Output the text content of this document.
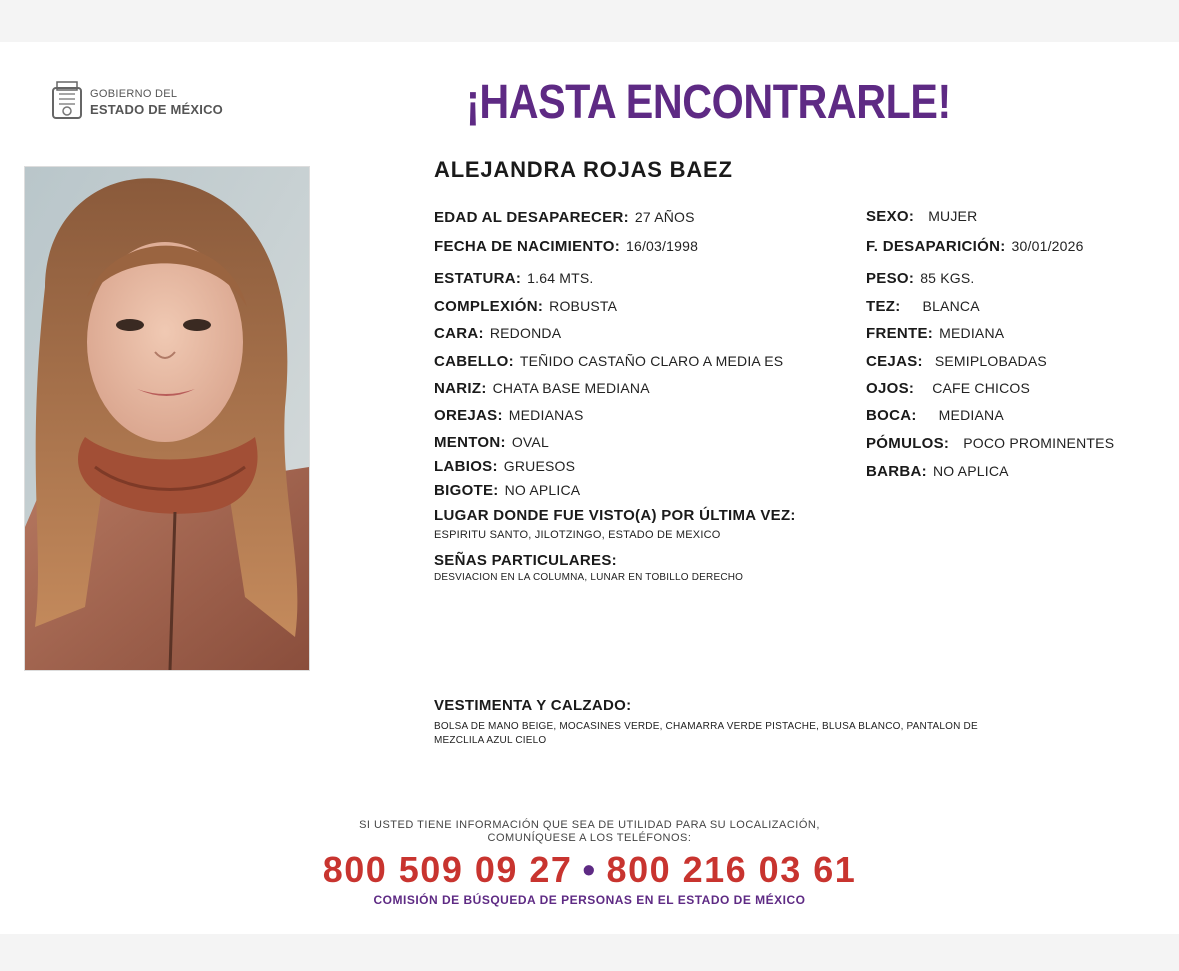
GOBIERNO DEL
ESTADO DE MÉXICO	¡HASTA ENCONTRARLE!
ALEJANDRA ROJAS BAEZ
EDAD AL DESAPARECER: 27 AÑOS
FECHA DE NACIMIENTO: 16/03/1998
ESTATURA: 1.64 MTS.
COMPLEXIÓN: ROBUSTA
CARA: REDONDA
CABELLO: TEÑIDO CASTAÑO CLARO A MEDIA ES
NARIZ: CHATA BASE MEDIANA
OREJAS: MEDIANAS
MENTON: OVAL
LABIOS: GRUESOS
BIGOTE: NO APLICA
SEXO: MUJER
F. DESAPARICIÓN: 30/01/2026
PESO: 85 KGS.
TEZ: BLANCA
FRENTE: MEDIANA
CEJAS: SEMIPLOBADAS
OJOS: CAFE CHICOS
BOCA: MEDIANA
PÓMULOS: POCO PROMINENTES
BARBA: NO APLICA
LUGAR DONDE FUE VISTO(A) POR ÚLTIMA VEZ:
ESPIRITU SANTO, JILOTZINGO, ESTADO DE MEXICO
SEÑAS PARTICULARES:
DESVIACION EN LA COLUMNA, LUNAR EN TOBILLO DERECHO
VESTIMENTA Y CALZADO:
BOLSA DE MANO BEIGE, MOCASINES VERDE, CHAMARRA VERDE PISTACHE, BLUSA BLANCO, PANTALON DE
MEZCLILA AZUL CIELO
SI USTED TIENE INFORMACIÓN QUE SEA DE UTILIDAD PARA SU LOCALIZACIÓN,
COMUNÍQUESE A LOS TELÉFONOS:
800 509 09 27 • 800 216 03 61
COMISIÓN DE BÚSQUEDA DE PERSONAS EN EL ESTADO DE MÉXICO
